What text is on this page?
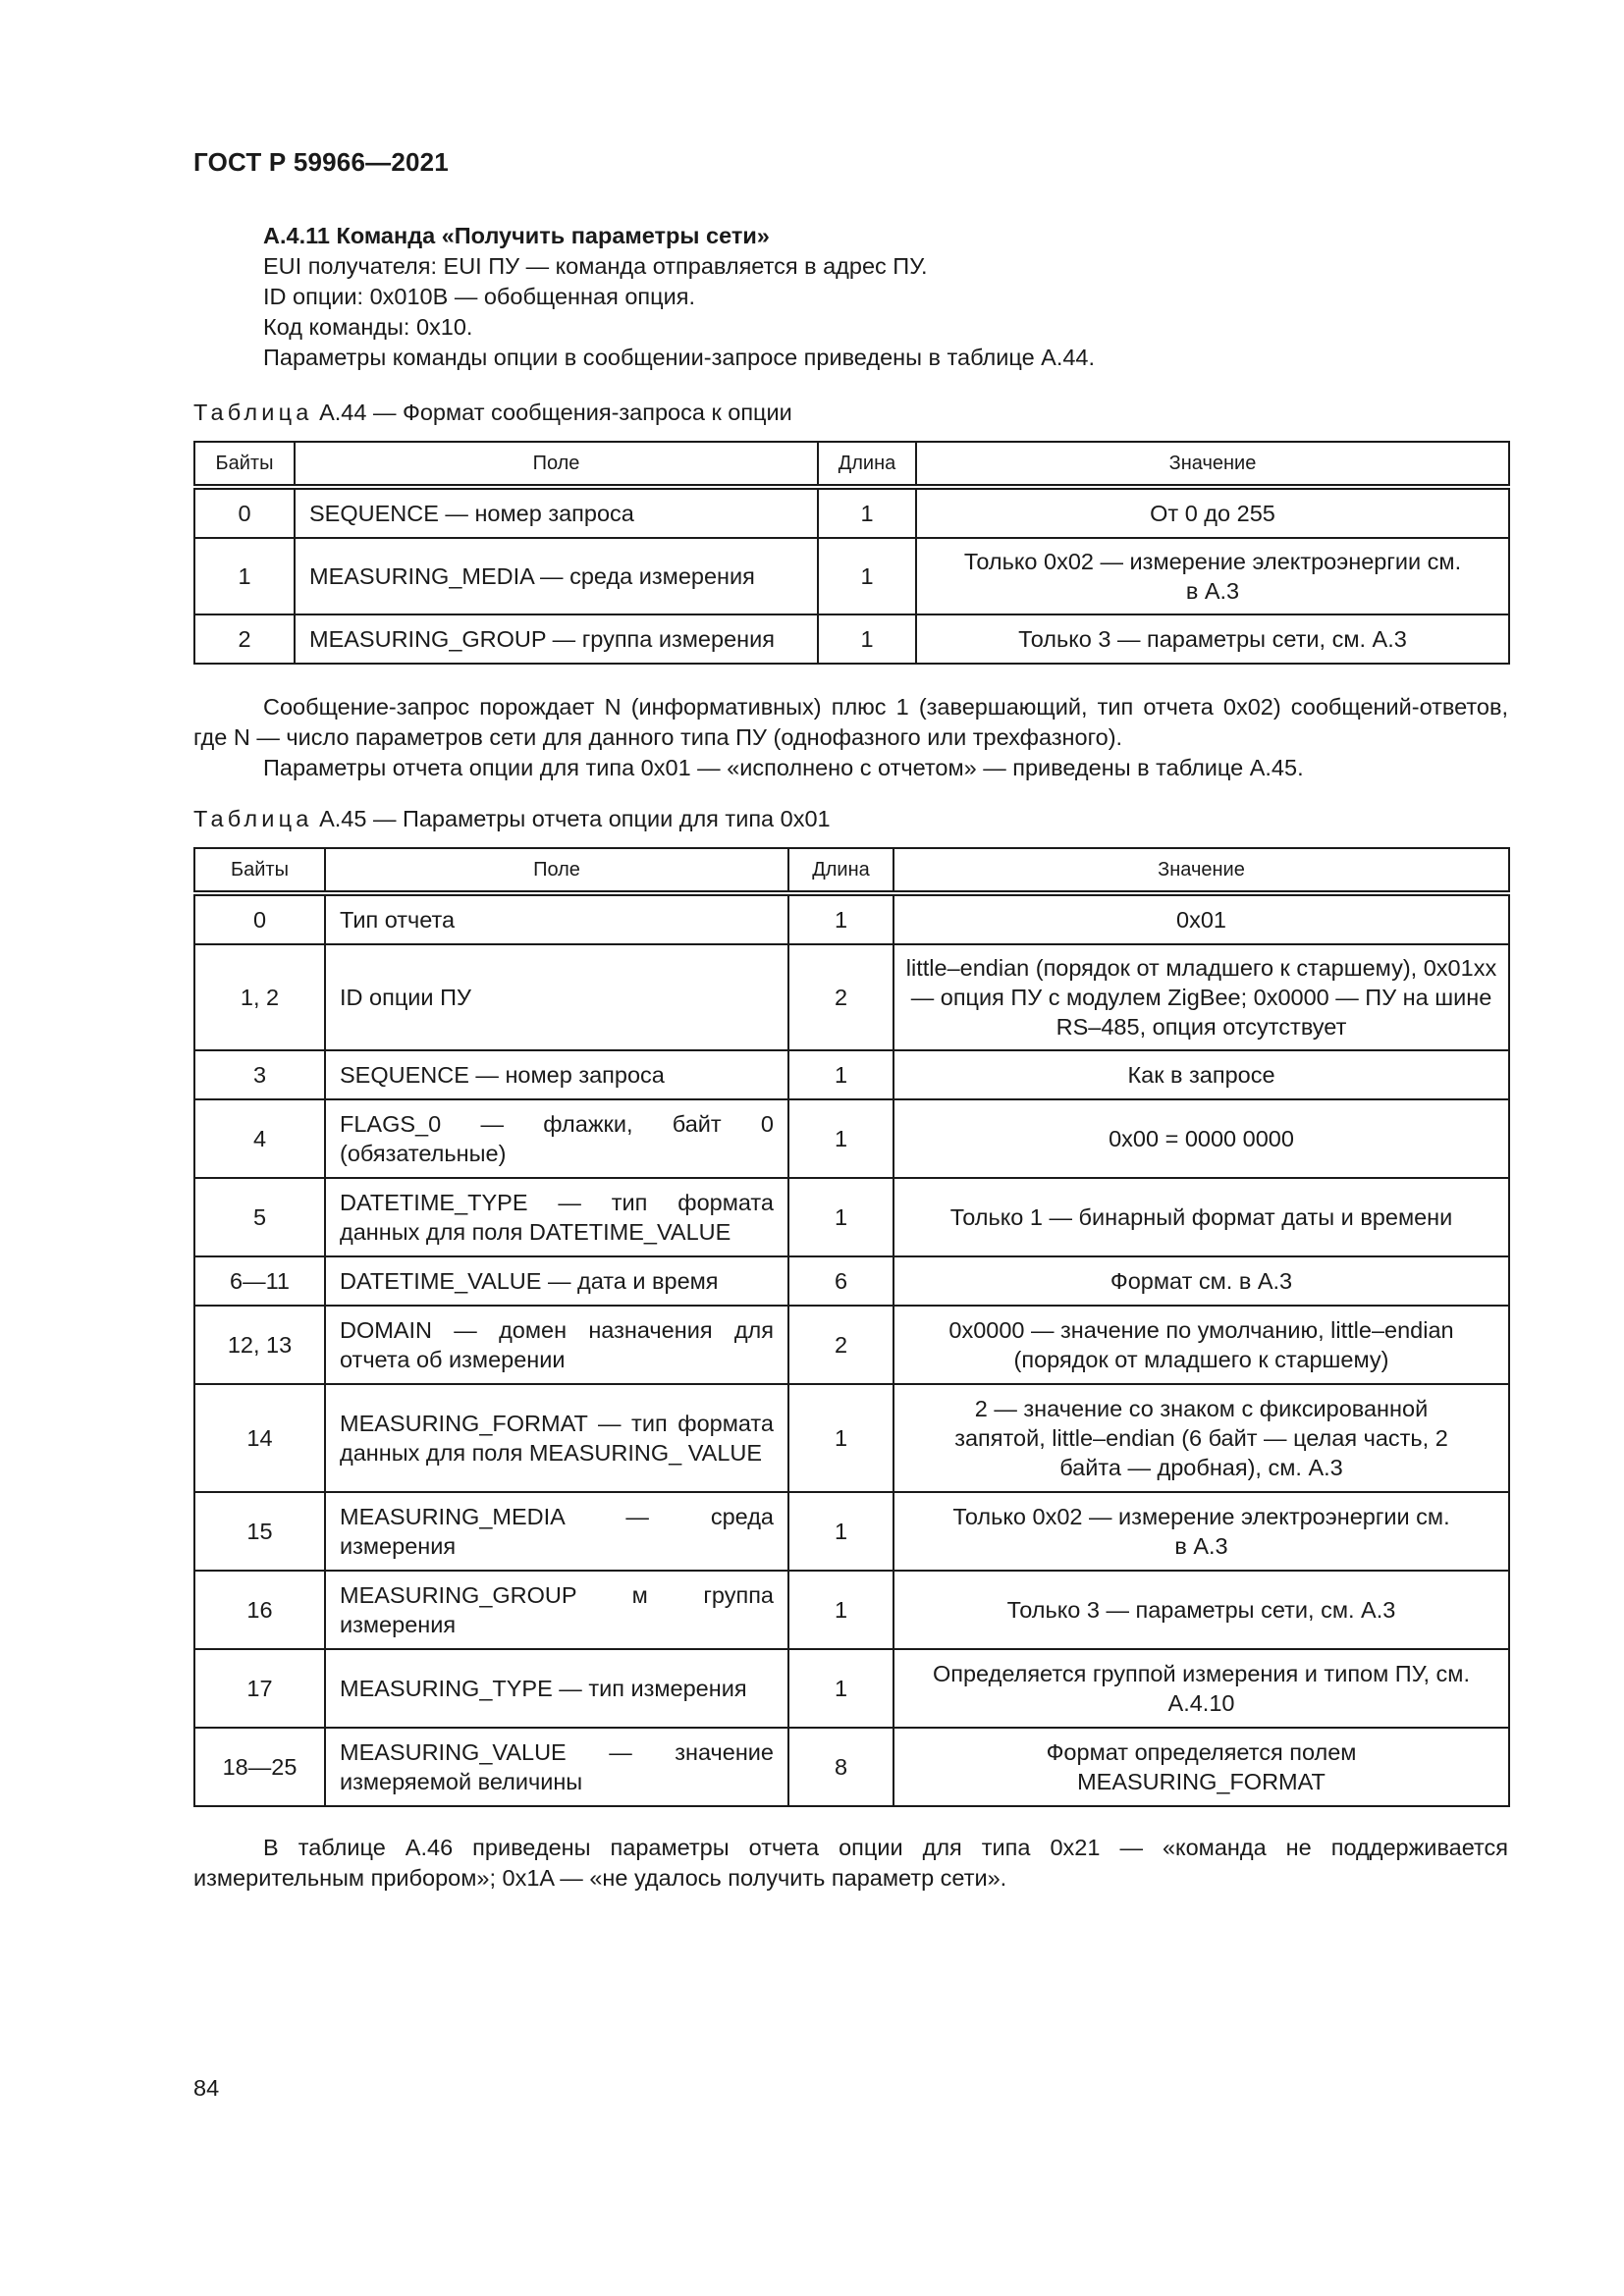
ГОСТ Р 59966—2021

А.4.11 Команда «Получить параметры сети»

EUI получателя: EUI ПУ — команда отправляется в адрес ПУ.

ID опции: 0x010B — обобщенная опция.

Код команды: 0x10.

Параметры команды опции в сообщении-запросе приведены в таблице А.44.

Таблица А.44 — Формат сообщения-запроса к опции
Байты	Поле	Длина	Значение
0	SEQUENCE — номер запроса	1	От 0 до 255
1	MEASURING_MEDIA — среда измерения	1	Только 0x02 — измерение электроэнергии см. в А.3
2	MEASURING_GROUP — группа измерения	1	Только 3 — параметры сети, см. А.3

Сообщение-запрос порождает N (информативных) плюс 1 (завершающий, тип отчета 0x02) сообщений-ответов, где N — число параметров сети для данного типа ПУ (однофазного или трехфазного).

Параметры отчета опции для типа 0x01 — «исполнено с отчетом» — приведены в таблице А.45.

Таблица А.45 — Параметры отчета опции для типа 0x01
Байты	Поле	Длина	Значение
0	Тип отчета	1	0x01
1, 2	ID опции ПУ	2	little–endian (порядок от младшего к старшему), 0x01xx — опция ПУ с модулем ZigBee; 0x0000 — ПУ на шине RS–485, опция отсутствует
3	SEQUENCE — номер запроса	1	Как в запросе
4	FLAGS_0 — флажки, байт 0 (обязательные)	1	0x00 = 0000 0000
5	DATETIME_TYPE — тип формата данных для поля DATETIME_VALUE	1	Только 1 — бинарный формат даты и времени
6—11	DATETIME_VALUE — дата и время	6	Формат см. в А.3
12, 13	DOMAIN — домен назначения для отчета об измерении	2	0x0000 — значение по умолчанию, little–endian (порядок от младшего к старшему)
14	MEASURING_FORMAT — тип формата данных для поля MEASURING_ VALUE	1	2 — значение со знаком с фиксированной запятой, little–endian (6 байт — целая часть, 2 байта — дробная), см. А.3
15	MEASURING_MEDIA — среда измерения	1	Только 0x02 — измерение электроэнергии см. в А.3
16	MEASURING_GROUP м группа измерения	1	Только 3 — параметры сети, см. А.3
17	MEASURING_TYPE — тип измерения	1	Определяется группой измерения и типом ПУ, см. А.4.10
18—25	MEASURING_VALUE — значение измеряемой величины	8	Формат определяется полем MEASURING_FORMAT

В таблице А.46 приведены параметры отчета опции для типа 0x21 — «команда не поддерживается измерительным прибором»; 0x1A — «не удалось получить параметр сети».

84
